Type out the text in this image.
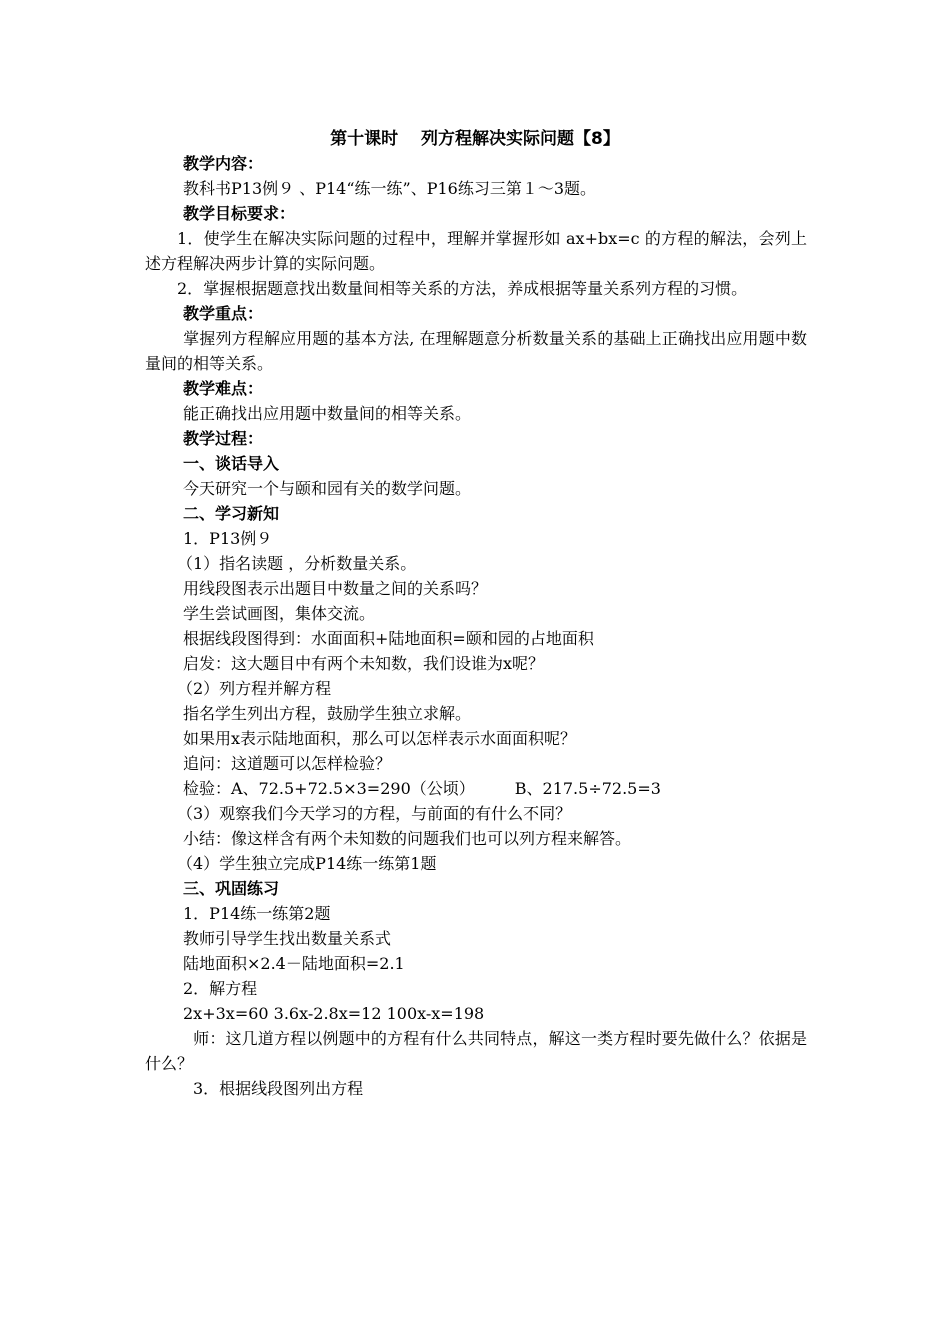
第十课时　 列方程解决实际问题【8】
教学内容：
教科书P13例９ 、P14“练一练”、P16练习三第１～3题。
教学目标要求：
1．使学生在解决实际问题的过程中，理解并掌握形如 ax+bx=c 的方程的解法，会列上述方程解决两步计算的实际问题。
2．掌握根据题意找出数量间相等关系的方法，养成根据等量关系列方程的习惯。
教学重点：
掌握列方程解应用题的基本方法, 在理解题意分析数量关系的基础上正确找出应用题中数量间的相等关系。
教学难点：
能正确找出应用题中数量间的相等关系。
教学过程：
一、谈话导入
今天研究一个与颐和园有关的数学问题。
二、学习新知
1．P13例９
（1）指名读题 ，分析数量关系。
用线段图表示出题目中数量之间的关系吗？
学生尝试画图，集体交流。
根据线段图得到：水面面积+陆地面积=颐和园的占地面积
启发：这大题目中有两个未知数，我们设谁为x呢？
（2）列方程并解方程
指名学生列出方程，鼓励学生独立求解。
如果用x表示陆地面积，那么可以怎样表示水面面积呢？
追问：这道题可以怎样检验？
检验：A、72.5+72.5×3=290（公顷）	B、217.5÷72.5=3
（3）观察我们今天学习的方程，与前面的有什么不同？
小结：像这样含有两个未知数的问题我们也可以列方程来解答。
（4）学生独立完成P14练一练第1题
三、巩固练习
1．P14练一练第2题
教师引导学生找出数量关系式
陆地面积×2.4－陆地面积=2.1
2．解方程
2x+3x=60 3.6x-2.8x=12 100x-x=198
师：这几道方程以例题中的方程有什么共同特点，解这一类方程时要先做什么？依据是什么？
3．根据线段图列出方程
